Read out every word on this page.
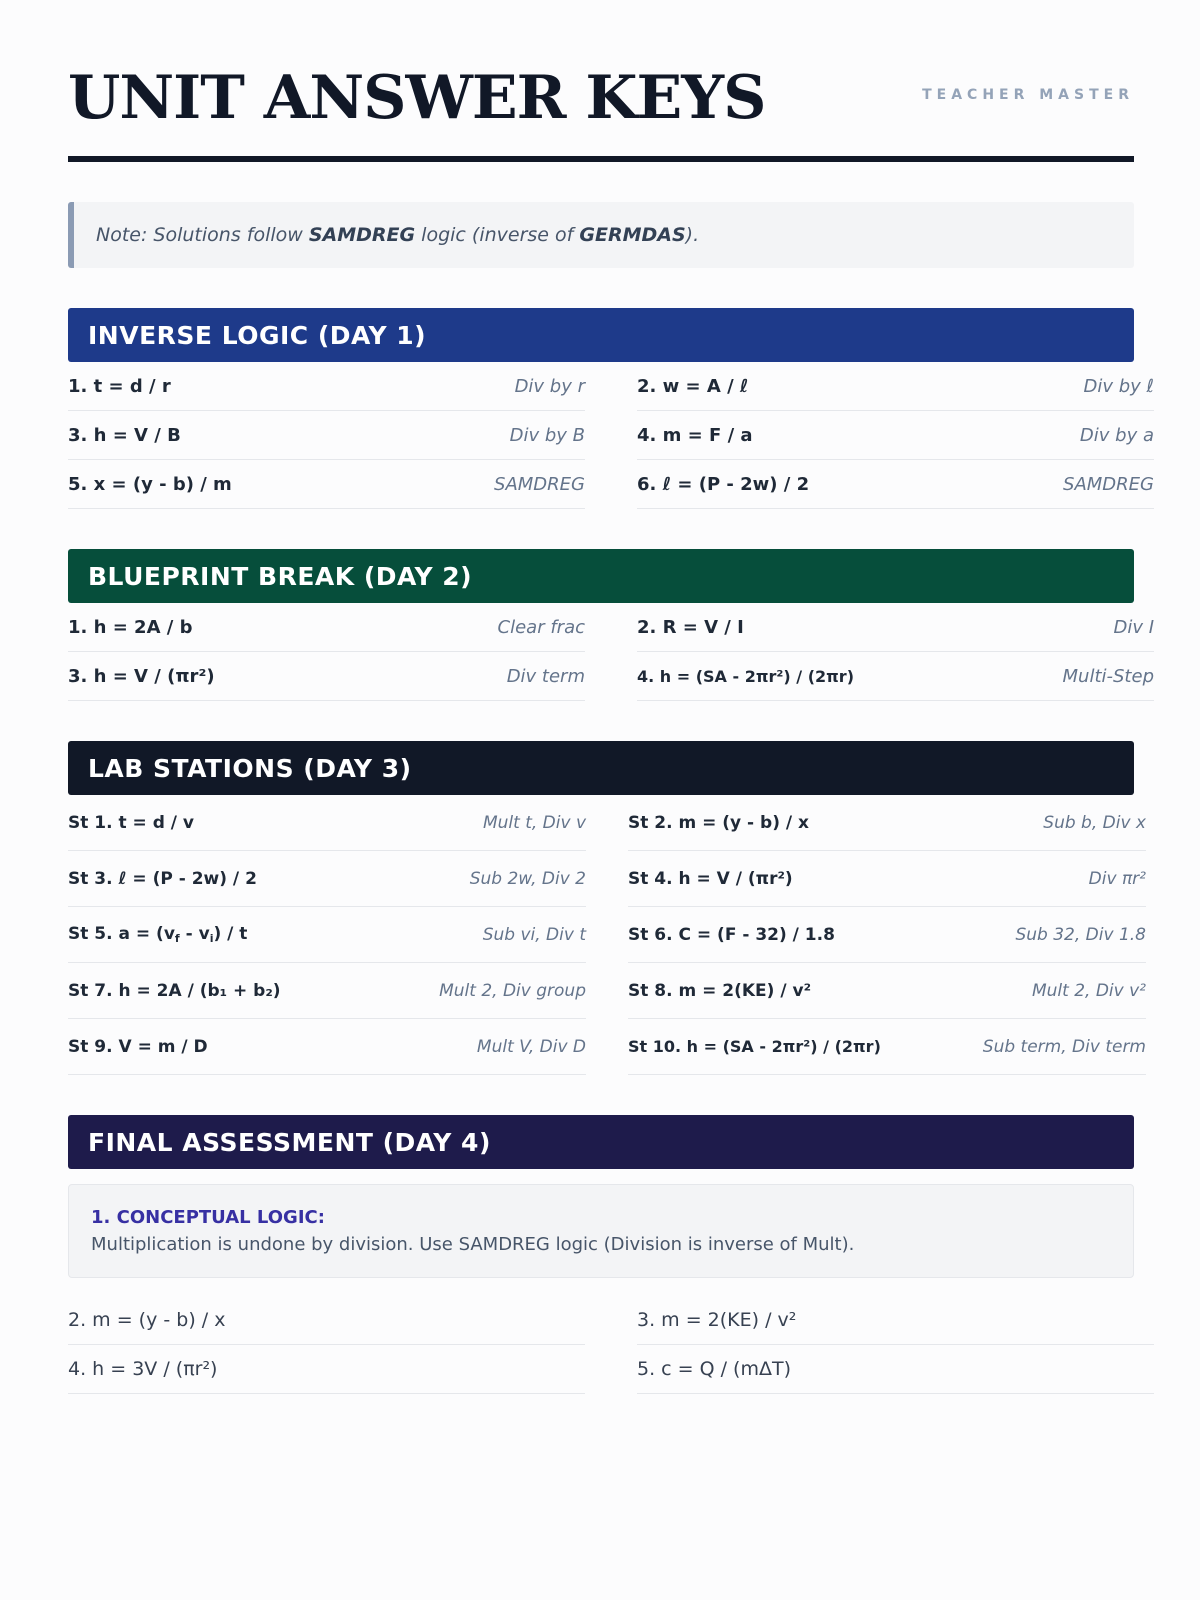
UNIT ANSWER KEYS	TEACHER MASTER
Note: Solutions follow
SAMDREG
logic (inverse of
GERMDAS ).
INVERSE LOGIC (DAY 1)
1. t = d / r	Div by r	2. w = A / ℓ	Div by ℓ
3. h = V / B	Div by B	4. m = F / a	Div by a
5. x = (y - b) / m	SAMDREG	6. ℓ = (P - 2w) / 2	SAMDREG
BLUEPRINT BREAK (DAY 2)
1. h = 2A / b	Clear frac	2. R = V / I	Div I
3. h = V / (πr²)	Div term	4. h = (SA - 2πr²) / (2πr)	Multi-Step
LAB STATIONS (DAY 3)
St 1. t = d / v	Mult t, Div v St 2. m = (y - b) / x	Sub b, Div x
St 3. ℓ = (P - 2w) / 2	Sub 2w, Div 2 St 4. h = V / (πr²)	Div πr²
St 5. $a = (v_f - v_i) / t$	Sub vi, Div t St 6. C = (F - 32) / 1.8	Sub 32, Div 1.8
St 7. h = 2A / (b₁ + b₂)	Mult 2, Div group St 8. m = 2(KE) / v²	Mult 2, Div v²
St 9. V = m / D	Mult V, Div D	St 10. h = (SA - 2πr²) / (2πr)	Sub term, Div term
FINAL ASSESSMENT (DAY 4)
1. CONCEPTUAL LOGIC:
Multiplication is undone by division. Use SAMDREG logic (Division is inverse of Mult).
2. m = (y - b) / x	3. m = 2(KE) / v²
4. h = 3V / (πr²)	5. c = Q / (mΔT)
